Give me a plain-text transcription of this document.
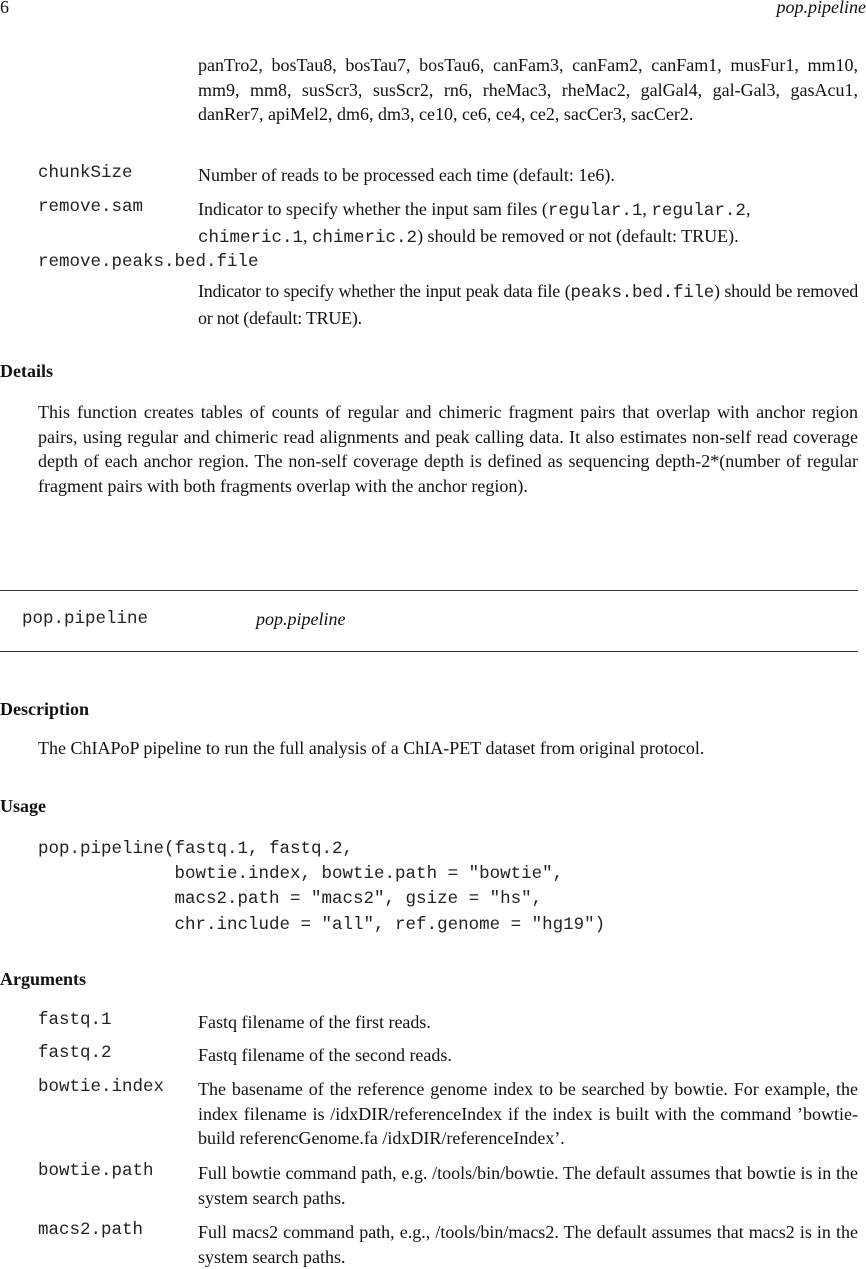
6	pop.pipeline
panTro2, bosTau8, bosTau7, bosTau6, canFam3, canFam2, canFam1, musFur1, mm10, mm9, mm8, susScr3, susScr2, rn6, rheMac3, rheMac2, galGal4, gal-Gal3, gasAcu1, danRer7, apiMel2, dm6, dm3, ce10, ce6, ce4, ce2, sacCer3, sacCer2.
chunkSize	Number of reads to be processed each time (default: 1e6).
remove.sam	Indicator to specify whether the input sam files (regular.1, regular.2,
chimeric.1, chimeric.2) should be removed or not (default: TRUE).
remove.peaks.bed.file
Indicator to specify whether the input peak data file (peaks.bed.file) should be removed or not (default: TRUE).
Details
This function creates tables of counts of regular and chimeric fragment pairs that overlap with anchor region pairs, using regular and chimeric read alignments and peak calling data. It also estimates non-self read coverage depth of each anchor region. The non-self coverage depth is defined as sequencing depth-2*(number of regular fragment pairs with both fragments overlap with the anchor region).
pop.pipeline	pop.pipeline
Description
The ChIAPoP pipeline to run the full analysis of a ChIA-PET dataset from original protocol.
Usage
pop.pipeline(fastq.1, fastq.2,
bowtie.index, bowtie.path = "bowtie",
macs2.path = "macs2", gsize = "hs",
chr.include = "all", ref.genome = "hg19")
Arguments
fastq.1	Fastq filename of the first reads.
fastq.2	Fastq filename of the second reads.
bowtie.index The basename of the reference genome index to be searched by bowtie. For example, the index filename is /idxDIR/referenceIndex if the index is built with the command ’bowtie-build referencGenome.fa /idxDIR/referenceIndex’.
bowtie.path Full bowtie command path, e.g. /tools/bin/bowtie. The default assumes that bowtie is in the system search paths.
macs2.path	Full macs2 command path, e.g., /tools/bin/macs2. The default assumes that macs2 is in the system search paths.
